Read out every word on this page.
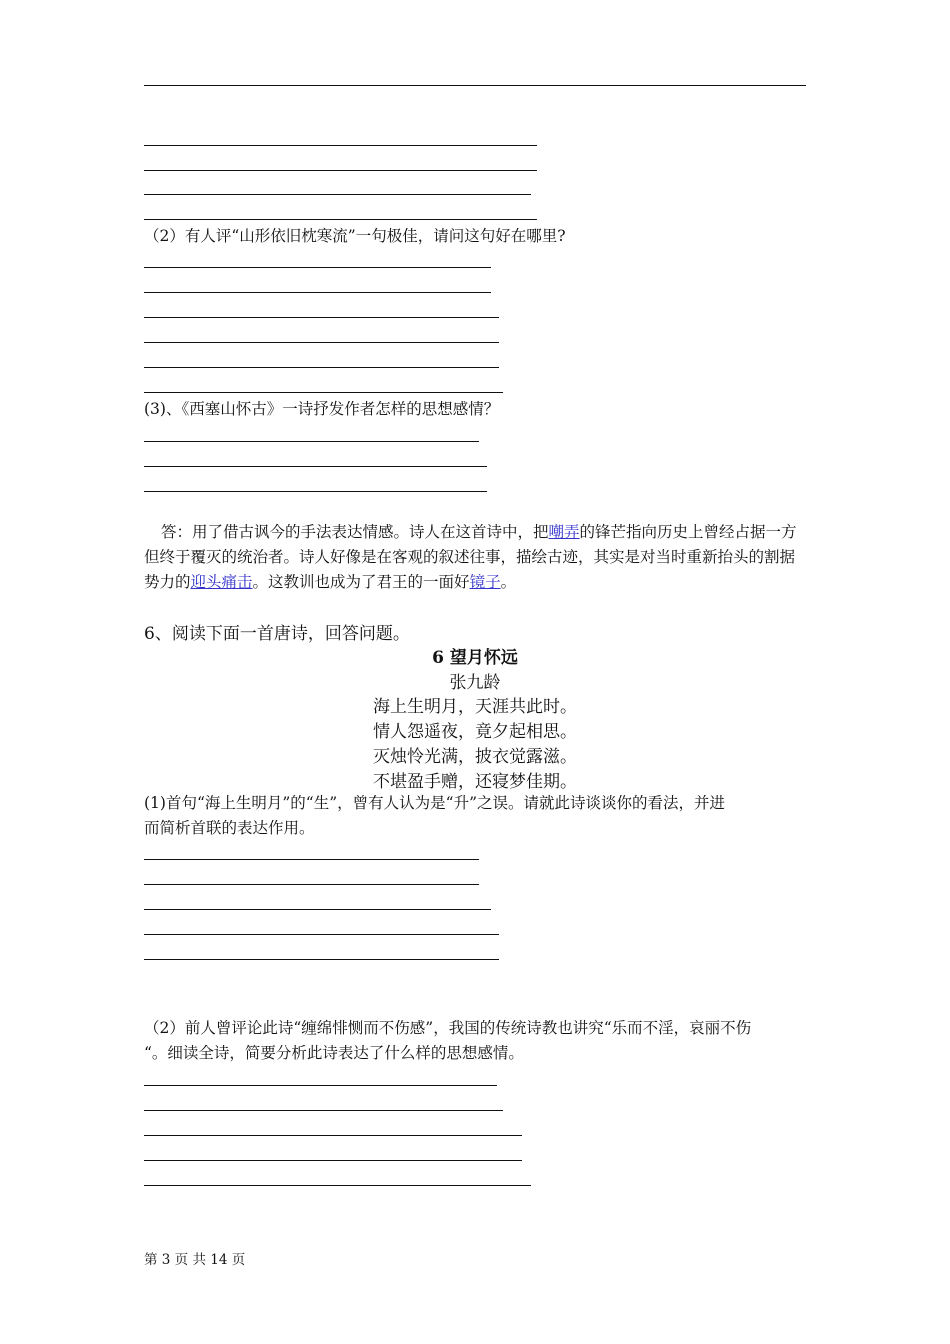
（2）有人评“山形依旧枕寒流”一句极佳，请问这句好在哪里?
(3)、《西塞山怀古》一诗抒发作者怎样的思想感情？
答：用了借古讽今的手法表达情感。诗人在这首诗中，把嘲弄的锋芒指向历史上曾经占据一方但终于覆灭的统治者。诗人好像是在客观的叙述往事，描绘古迹，其实是对当时重新抬头的割据势力的迎头痛击。这教训也成为了君王的一面好镜子。
6、阅读下面一首唐诗，回答问题。
6 望月怀远
张九龄
海上生明月，天涯共此时。
情人怨遥夜，竟夕起相思。
灭烛怜光满，披衣觉露滋。
不堪盈手赠，还寝梦佳期。
(1)首句“海上生明月”的“生”，曾有人认为是“升”之误。请就此诗谈谈你的看法，并进
而简析首联的表达作用。
（2）前人曾评论此诗“缠绵悱恻而不伤感”，我国的传统诗教也讲究“乐而不淫，哀丽不伤
“。细读全诗，简要分析此诗表达了什么样的思想感情。
第 3 页 共 14 页
